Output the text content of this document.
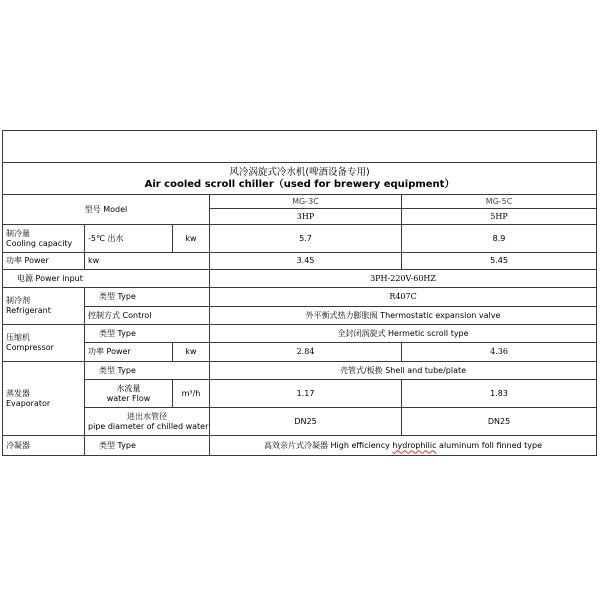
风冷涡旋式冷水机(啤酒设备专用)
Air cooled scroll chiller（used for brewery equipment）				

型号 Model			MG-3C	MG-5C
			3HP	5HP

制冷量
Cooling capacity	-5℃ 出水	kw	5.7	8.9
功率 Power	kw		3.45	5.45
电源 Power input			3PH-220V-60HZ	

制冷剂
Refrigerant	类型 Type		R407C	
	控制方式 Control		外平衡式热力膨胀阀 Thermostatic expansion valve	

压缩机
Compressor	类型 Type		全封闭涡旋式 Hermetic scroll type	
	功率 Power	kw	2.84	4.36

蒸发器
Evaporator	类型 Type		壳管式/板换 Shell and tube/plate	

	水流量
water Flow	m³/h	1.17	1.83

	进出水管径
pipe diameter of chilled water		DN25	DN25
冷凝器	类型 Type		高效亲片式冷凝器 High efficiency hydrophilic aluminum foll finned type	
